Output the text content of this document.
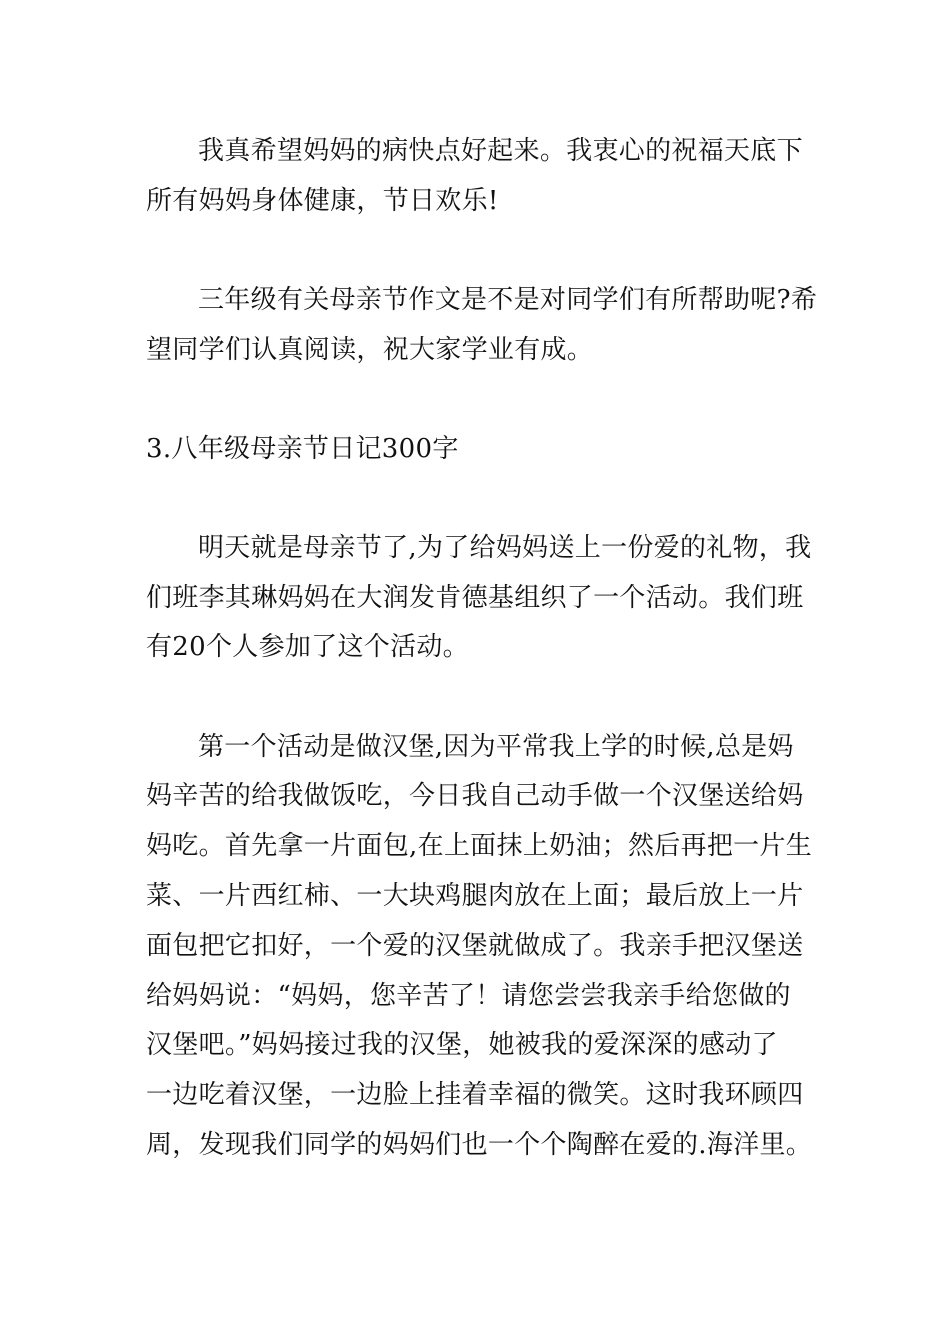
我真希望妈妈的病快点好起来。我衷心的祝福天底下
所有妈妈身体健康，节日欢乐!
三年级有关母亲节作文是不是对同学们有所帮助呢?希
望同学们认真阅读，祝大家学业有成。
3.八年级母亲节日记300字
明天就是母亲节了,为了给妈妈送上一份爱的礼物，我
们班李其琳妈妈在大润发肯德基组织了一个活动。我们班
有20个人参加了这个活动。
第一个活动是做汉堡,因为平常我上学的时候,总是妈
妈辛苦的给我做饭吃，今日我自己动手做一个汉堡送给妈
妈吃。首先拿一片面包,在上面抹上奶油；然后再把一片生
菜、一片西红柿、一大块鸡腿肉放在上面；最后放上一片
面包把它扣好，一个爱的汉堡就做成了。我亲手把汉堡送
给妈妈说：“妈妈，您辛苦了！请您尝尝我亲手给您做的
汉堡吧。”妈妈接过我的汉堡，她被我的爱深深的感动了
一边吃着汉堡，一边脸上挂着幸福的微笑。这时我环顾四
周，发现我们同学的妈妈们也一个个陶醉在爱的.海洋里。
